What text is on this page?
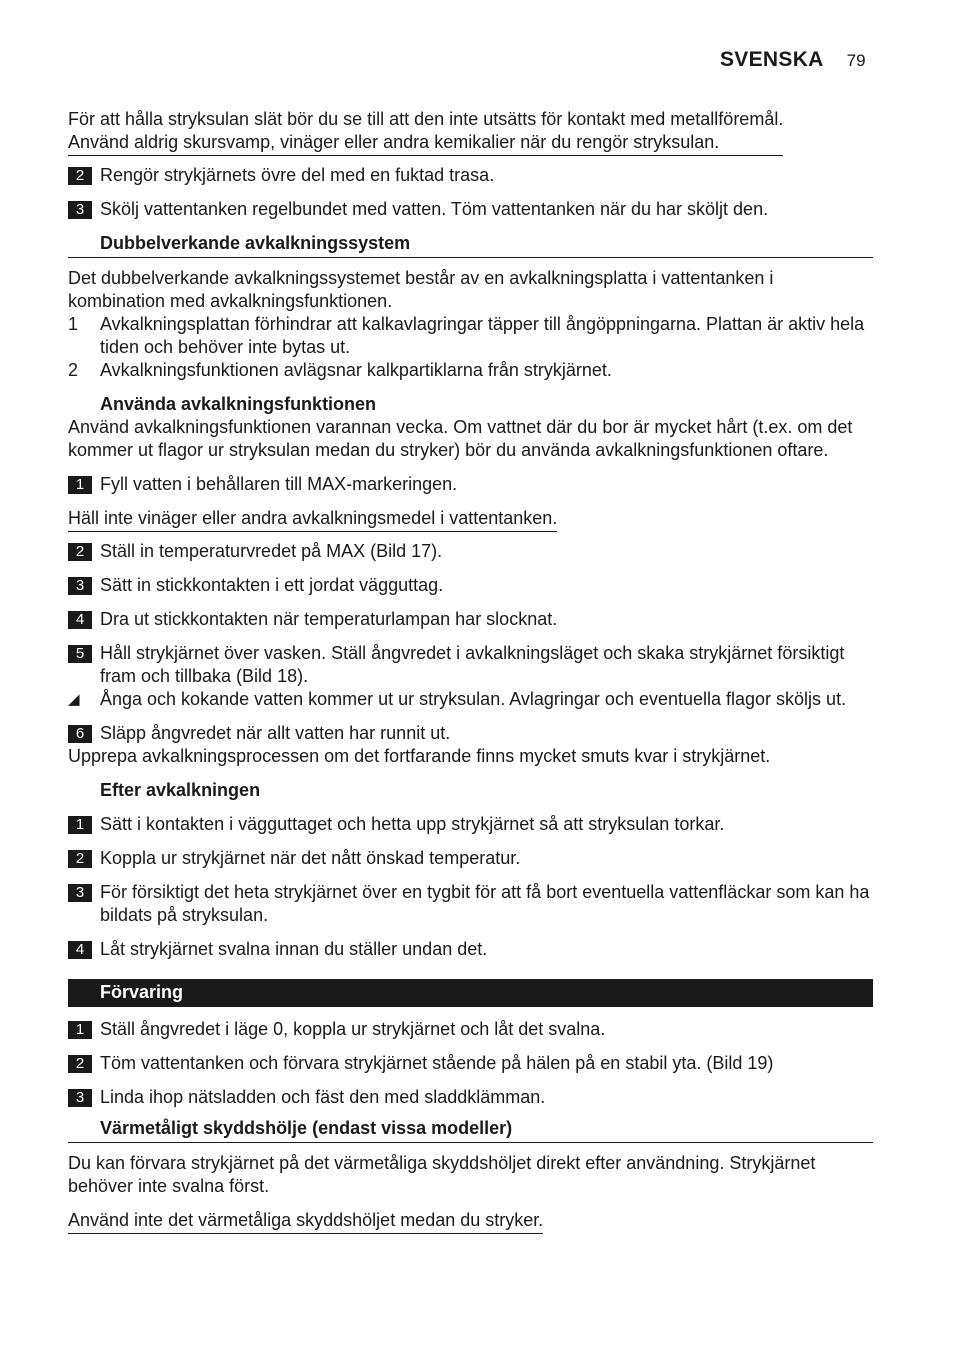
SVENSKA 79
För att hålla stryksulan slät bör du se till att den inte utsätts för kontakt med metallföremål.
Använd aldrig skursvamp, vinäger eller andra kemikalier när du rengör stryksulan.
2 Rengör strykjärnets övre del med en fuktad trasa.
3 Skölj vattentanken regelbundet med vatten. Töm vattentanken när du har sköljt den.
Dubbelverkande avkalkningssystem

Det dubbelverkande avkalkningssystemet består av en avkalkningsplatta i vattentanken i kombination med avkalkningsfunktionen.

1 Avkalkningsplattan förhindrar att kalkavlagringar täpper till ångöppningarna. Plattan är aktiv hela tiden och behöver inte bytas ut.
2 Avkalkningsfunktionen avlägsnar kalkpartiklarna från strykjärnet.
Använda avkalkningsfunktionen

Använd avkalkningsfunktionen varannan vecka. Om vattnet där du bor är mycket hårt (t.ex. om det kommer ut flagor ur stryksulan medan du stryker) bör du använda avkalkningsfunktionen oftare.

1 Fyll vatten i behållaren till MAX-markeringen.
Häll inte vinäger eller andra avkalkningsmedel i vattentanken.
2 Ställ in temperaturvredet på MAX (Bild 17).
3 Sätt in stickkontakten i ett jordat vägguttag.
4 Dra ut stickkontakten när temperaturlampan har slocknat.
5 Håll strykjärnet över vasken. Ställ ångvredet i avkalkningsläget och skaka strykjärnet försiktigt fram och tillbaka (Bild 18).
◢ Ånga och kokande vatten kommer ut ur stryksulan. Avlagringar och eventuella flagor sköljs ut.
6 Släpp ångvredet när allt vatten har runnit ut.

Upprepa avkalkningsprocessen om det fortfarande finns mycket smuts kvar i strykjärnet.

Efter avkalkningen
1 Sätt i kontakten i vägguttaget och hetta upp strykjärnet så att stryksulan torkar.
2 Koppla ur strykjärnet när det nått önskad temperatur.
3 För försiktigt det heta strykjärnet över en tygbit för att få bort eventuella vattenfläckar som kan ha bildats på stryksulan.
4 Låt strykjärnet svalna innan du ställer undan det.
Förvaring
1 Ställ ångvredet i läge 0, koppla ur strykjärnet och låt det svalna.
2 Töm vattentanken och förvara strykjärnet stående på hälen på en stabil yta. (Bild 19)
3 Linda ihop nätsladden och fäst den med sladdklämman.
Värmetåligt skyddshölje (endast vissa modeller)

Du kan förvara strykjärnet på det värmetåliga skyddshöljet direkt efter användning. Strykjärnet behöver inte svalna först.

Använd inte det värmetåliga skyddshöljet medan du stryker.
